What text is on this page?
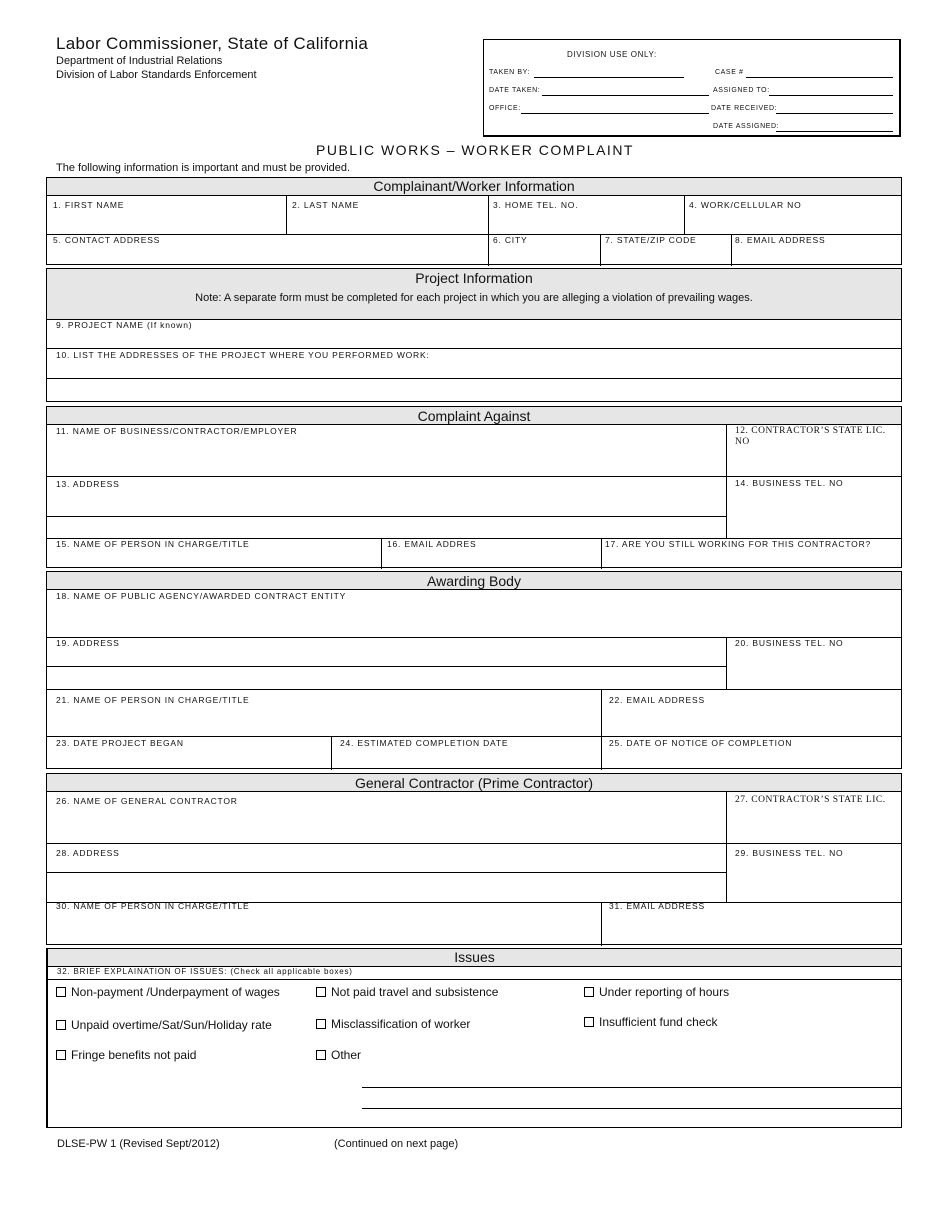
Labor Commissioner, State of California
Department of Industrial Relations
Division of Labor Standards Enforcement
DIVISION USE ONLY:
TAKEN BY:	CASE #
DATE TAKEN:	ASSIGNED TO:
OFFICE:	DATE RECEIVED:
DATE ASSIGNED:
PUBLIC WORKS – WORKER COMPLAINT
The following information is important and must be provided.
Complainant/Worker Information
1. FIRST NAME	2. LAST NAME	3. HOME TEL. NO.	4. WORK/CELLULAR NO
5. CONTACT ADDRESS	6. CITY	7. STATE/ZIP CODE	8. EMAIL ADDRESS
Project Information
Note: A separate form must be completed for each project in which you are alleging a violation of prevailing wages.
9. PROJECT NAME (If known)
10. LIST THE ADDRESSES OF THE PROJECT WHERE YOU PERFORMED WORK:
Complaint Against
11. NAME OF BUSINESS/CONTRACTOR/EMPLOYER	12. CONTRACTOR’S STATE LIC.
NO
13. ADDRESS	14. BUSINESS TEL. NO
15. NAME OF PERSON IN CHARGE/TITLE	16. EMAIL ADDRES	17. ARE YOU STILL WORKING FOR THIS CONTRACTOR?
Awarding Body
18. NAME OF PUBLIC AGENCY/AWARDED CONTRACT ENTITY
19. ADDRESS	20. BUSINESS TEL. NO
21. NAME OF PERSON IN CHARGE/TITLE	22. EMAIL ADDRESS
23. DATE PROJECT BEGAN	24. ESTIMATED COMPLETION DATE	25. DATE OF NOTICE OF COMPLETION
General Contractor (Prime Contractor)
26. NAME OF GENERAL CONTRACTOR	27. CONTRACTOR’S STATE LIC.
28. ADDRESS	29. BUSINESS TEL. NO
30. NAME OF PERSON IN CHARGE/TITLE	31. EMAIL ADDRESS
Issues
32. BRIEF EXPLAINATION OF ISSUES: (Check all applicable boxes)
Non-payment /Underpayment of wages	Not paid travel and subsistence	Under reporting of hours
Unpaid overtime/Sat/Sun/Holiday rate	Misclassification of worker	Insufficient fund check
Fringe benefits not paid	Other
DLSE-PW 1 (Revised Sept/2012)	(Continued on next page)
